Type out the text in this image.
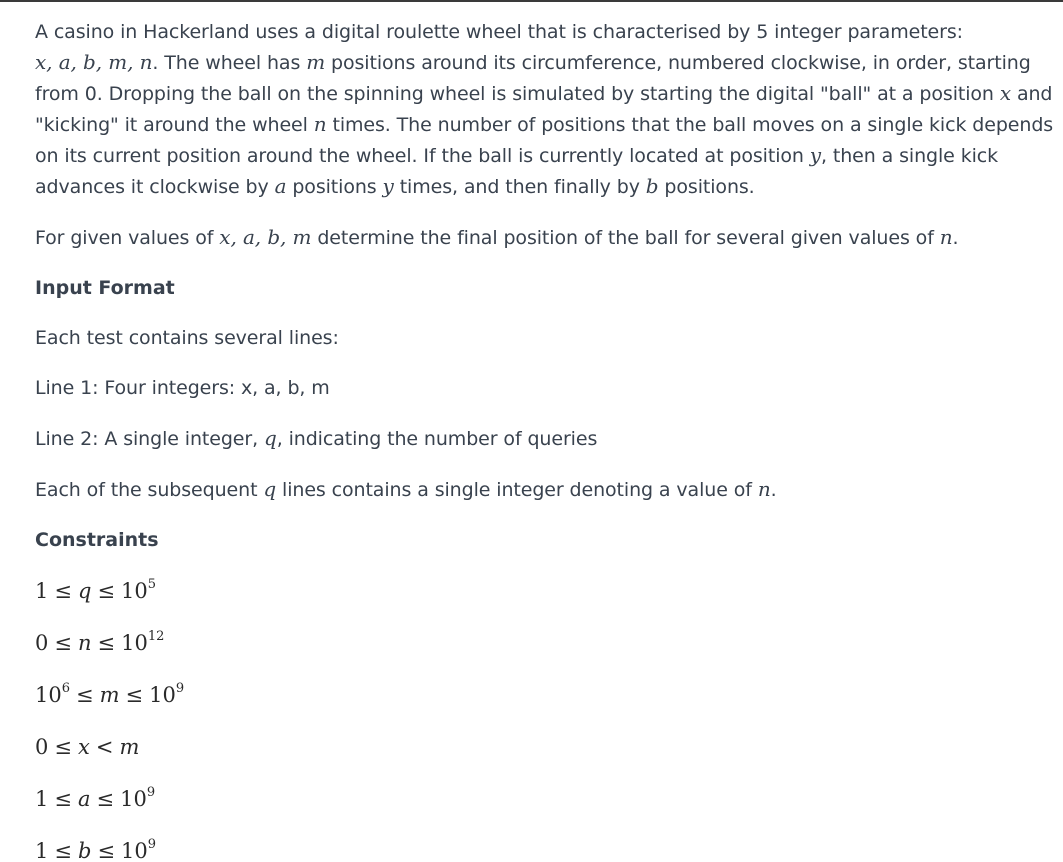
A casino in Hackerland uses a digital roulette wheel that is characterised by 5 integer parameters:
x, a, b, m, n. The wheel has m positions around its circumference, numbered clockwise, in order, starting
from 0. Dropping the ball on the spinning wheel is simulated by starting the digital "ball" at a position x and
"kicking" it around the wheel n times. The number of positions that the ball moves on a single kick depends
on its current position around the wheel. If the ball is currently located at position y, then a single kick
advances it clockwise by a positions y times, and then finally by b positions.
For given values of x, a, b, m determine the final position of the ball for several given values of n.
Input Format
Each test contains several lines:
Line 1: Four integers: x, a, b, m
Line 2: A single integer, q, indicating the number of queries
Each of the subsequent q lines contains a single integer denoting a value of n.
Constraints
$1 \le q \le 10^5$
$0 \le n \le 10^{12}$
$10^6 \le m \le 10^9$
0 ≤ x < m
$1 \le a \le 10^9$
$1 \le b \le 10^9$
